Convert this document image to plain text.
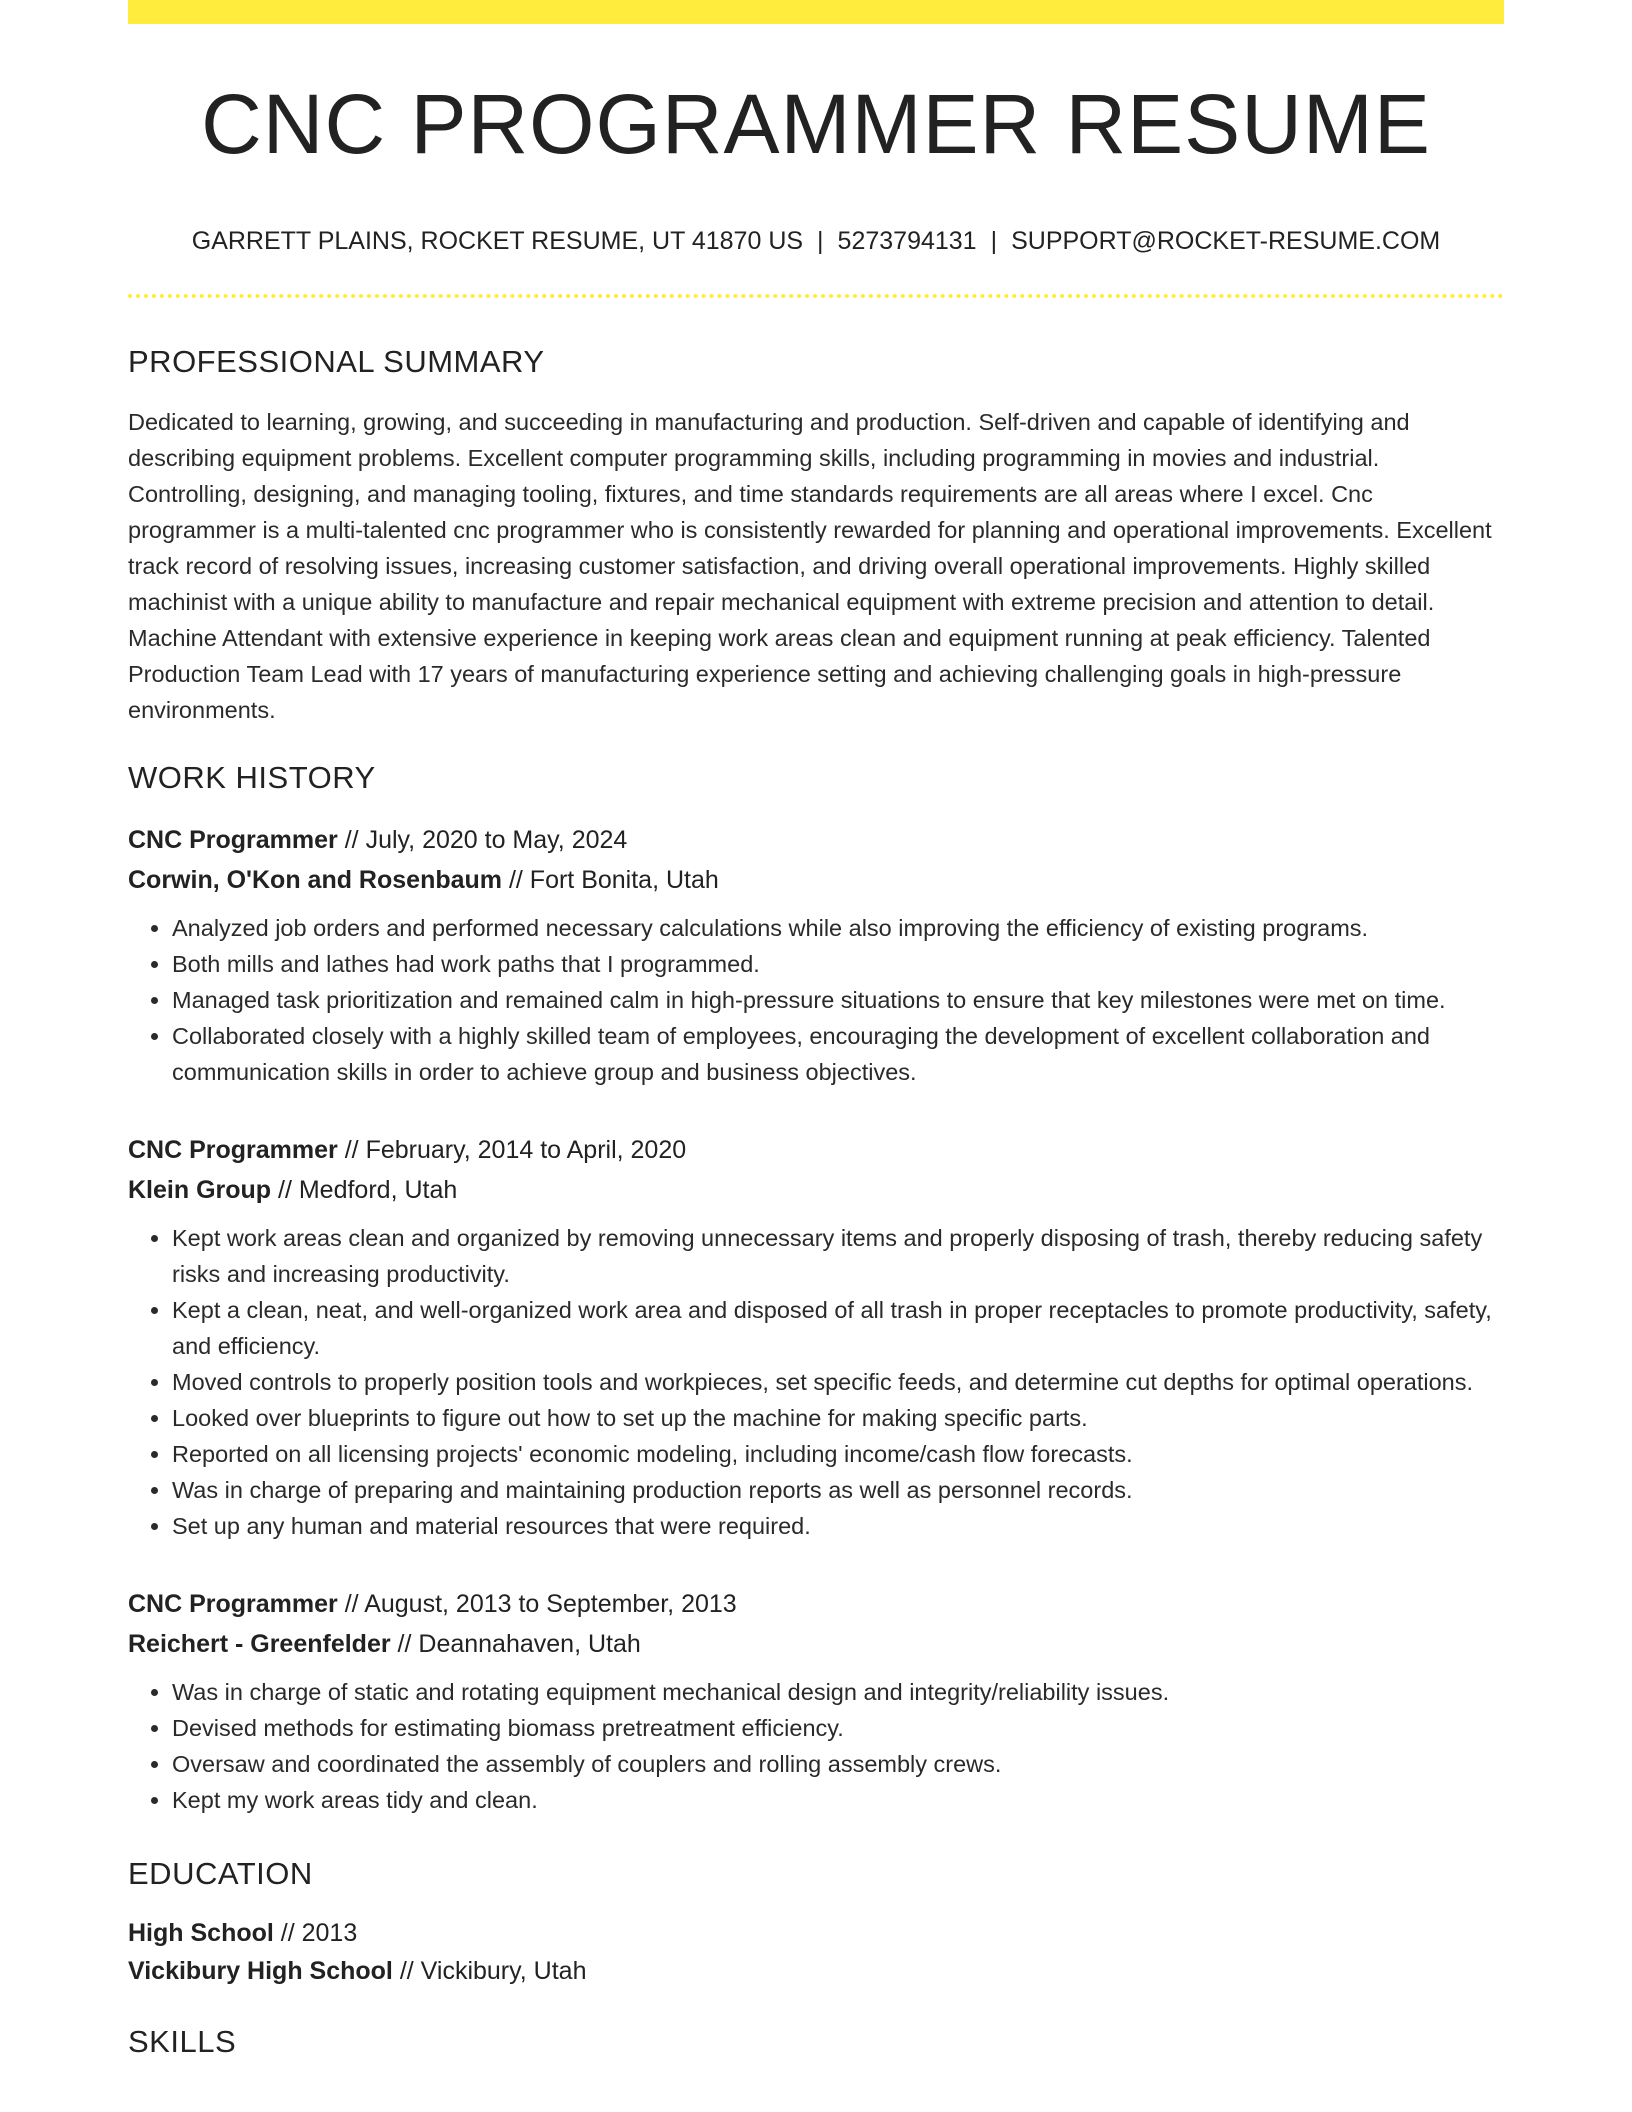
CNC PROGRAMMER RESUME
GARRETT PLAINS, ROCKET RESUME, UT 41870 US | 5273794131 | SUPPORT@ROCKET-RESUME.COM
PROFESSIONAL SUMMARY

Dedicated to learning, growing, and succeeding in manufacturing and production. Self-driven and capable of identifying and describing equipment problems. Excellent computer programming skills, including programming in movies and industrial. Controlling, designing, and managing tooling, fixtures, and time standards requirements are all areas where I excel. Cnc programmer is a multi-talented cnc programmer who is consistently rewarded for planning and operational improvements. Excellent track record of resolving issues, increasing customer satisfaction, and driving overall operational improvements. Highly skilled machinist with a unique ability to manufacture and repair mechanical equipment with extreme precision and attention to detail. Machine Attendant with extensive experience in keeping work areas clean and equipment running at peak efficiency. Talented Production Team Lead with 17 years of manufacturing experience setting and achieving challenging goals in high-pressure environments.

WORK HISTORY
CNC Programmer // July, 2020 to May, 2024
Corwin, O'Kon and Rosenbaum // Fort Bonita, Utah
• Analyzed job orders and performed necessary calculations while also improving the efficiency of existing programs.
• Both mills and lathes had work paths that I programmed.
• Managed task prioritization and remained calm in high-pressure situations to ensure that key milestones were met on time.
• Collaborated closely with a highly skilled team of employees, encouraging the development of excellent collaboration and communication skills in order to achieve group and business objectives.
CNC Programmer // February, 2014 to April, 2020
Klein Group // Medford, Utah
• Kept work areas clean and organized by removing unnecessary items and properly disposing of trash, thereby reducing safety risks and increasing productivity.
• Kept a clean, neat, and well-organized work area and disposed of all trash in proper receptacles to promote productivity, safety, and efficiency.
• Moved controls to properly position tools and workpieces, set specific feeds, and determine cut depths for optimal operations.
• Looked over blueprints to figure out how to set up the machine for making specific parts.
• Reported on all licensing projects' economic modeling, including income/cash flow forecasts.
• Was in charge of preparing and maintaining production reports as well as personnel records.
• Set up any human and material resources that were required.
CNC Programmer // August, 2013 to September, 2013
Reichert - Greenfelder // Deannahaven, Utah
• Was in charge of static and rotating equipment mechanical design and integrity/reliability issues.
• Devised methods for estimating biomass pretreatment efficiency.
• Oversaw and coordinated the assembly of couplers and rolling assembly crews.
• Kept my work areas tidy and clean.
EDUCATION
High School // 2013
Vickibury High School // Vickibury, Utah
SKILLS
